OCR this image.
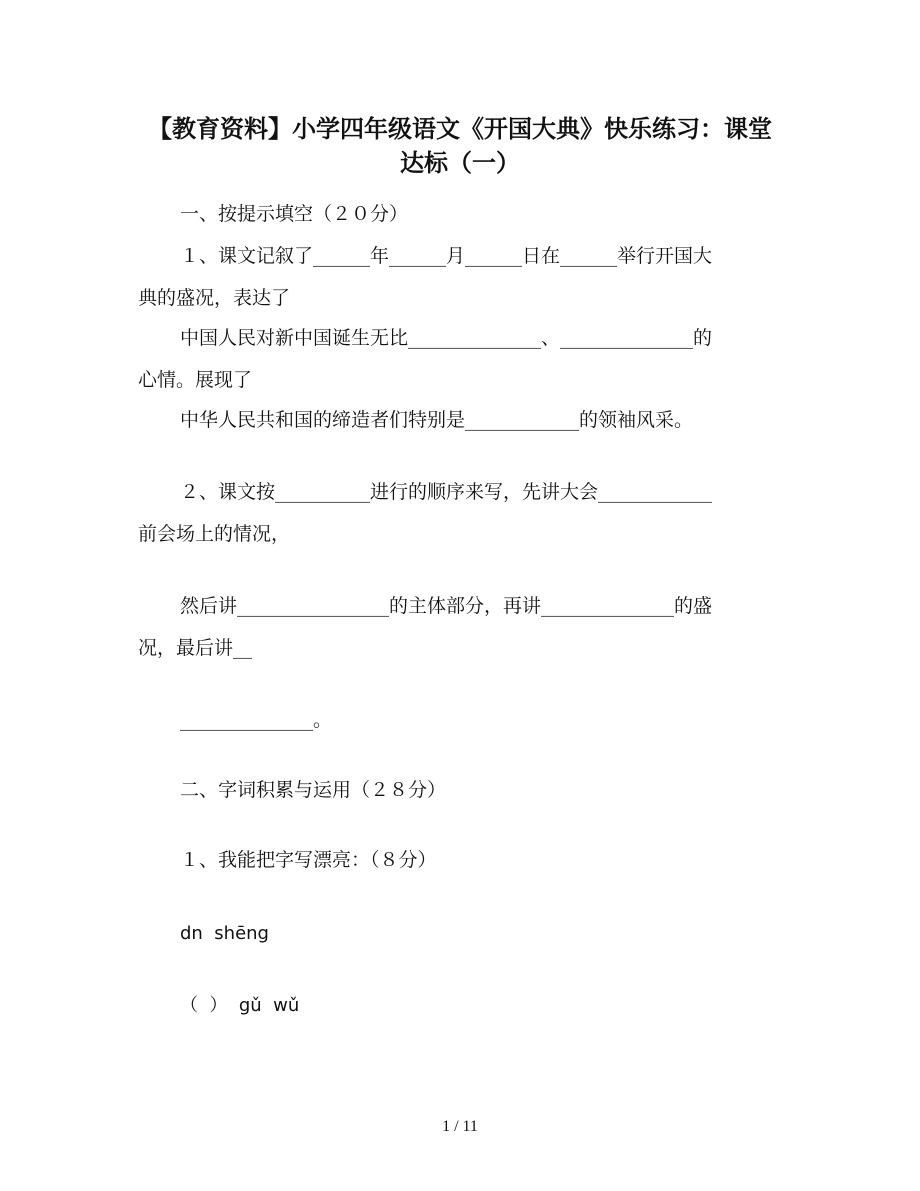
【教育资料】小学四年级语文《开国大典》快乐练习：课堂
达标（一）
一、按提示填空（２０分）
１、课文记叙了______年______月______日在______举行开国大
典的盛况，表达了
中国人民对新中国诞生无比______________、______________的
心情。展现了
中华人民共和国的缔造者们特别是____________的领袖风采。
２、课文按__________进行的顺序来写，先讲大会____________
前会场上的情况，
然后讲________________的主体部分，再讲______________的盛
况，最后讲__
______________。
二、字词积累与运用（２８分）
１、我能把字写漂亮：（８分）
dn  shēng
（  ）  gǔ  wǔ
1 / 11
